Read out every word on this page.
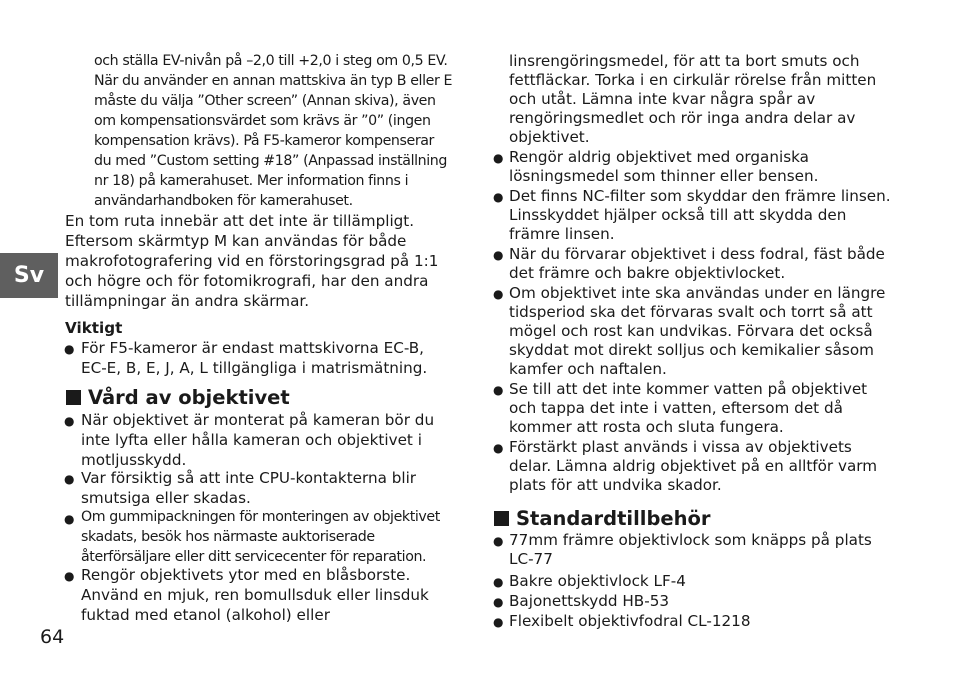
Sv
och ställa EV-nivån på –2,0 till +2,0 i steg om 0,5 EV.
När du använder en annan mattskiva än typ B eller E
måste du välja ”Other screen” (Annan skiva), även
om kompensationsvärdet som krävs är ”0” (ingen
kompensation krävs). På F5-kameror kompenserar
du med ”Custom setting #18” (Anpassad inställning
nr 18) på kamerahuset. Mer information finns i
användarhandboken för kamerahuset.
En tom ruta innebär att det inte är tillämpligt.
Eftersom skärmtyp M kan användas för både
makrofotografering vid en förstoringsgrad på 1:1
och högre och för fotomikrografi, har den andra
tillämpningar än andra skärmar.
Viktigt
● För F5-kameror är endast mattskivorna EC-B,
EC-E, B, E, J, A, L tillgängliga i matrismätning.
Vård av objektivet
● När objektivet är monterat på kameran bör du
inte lyfta eller hålla kameran och objektivet i
motljusskydd.
● Var försiktig så att inte CPU-kontakterna blir
smutsiga eller skadas.
● Om gummipackningen för monteringen av objektivet
skadats, besök hos närmaste auktoriserade
återförsäljare eller ditt servicecenter för reparation.
● Rengör objektivets ytor med en blåsborste.
Använd en mjuk, ren bomullsduk eller linsduk
fuktad med etanol (alkohol) eller
linsrengöringsmedel, för att ta bort smuts och
fettfläckar. Torka i en cirkulär rörelse från mitten
och utåt. Lämna inte kvar några spår av
rengöringsmedlet och rör inga andra delar av
objektivet.
● Rengör aldrig objektivet med organiska
lösningsmedel som thinner eller bensen.
● Det finns NC-filter som skyddar den främre linsen.
Linsskyddet hjälper också till att skydda den
främre linsen.
● När du förvarar objektivet i dess fodral, fäst både
det främre och bakre objektivlocket.
● Om objektivet inte ska användas under en längre
tidsperiod ska det förvaras svalt och torrt så att
mögel och rost kan undvikas. Förvara det också
skyddat mot direkt solljus och kemikalier såsom
kamfer och naftalen.
● Se till att det inte kommer vatten på objektivet
och tappa det inte i vatten, eftersom det då
kommer att rosta och sluta fungera.
● Förstärkt plast används i vissa av objektivets
delar. Lämna aldrig objektivet på en alltför varm
plats för att undvika skador.
Standardtillbehör
● 77mm främre objektivlock som knäpps på plats
LC-77
● Bakre objektivlock LF-4
● Bajonettskydd HB-53
● Flexibelt objektivfodral CL-1218
64
